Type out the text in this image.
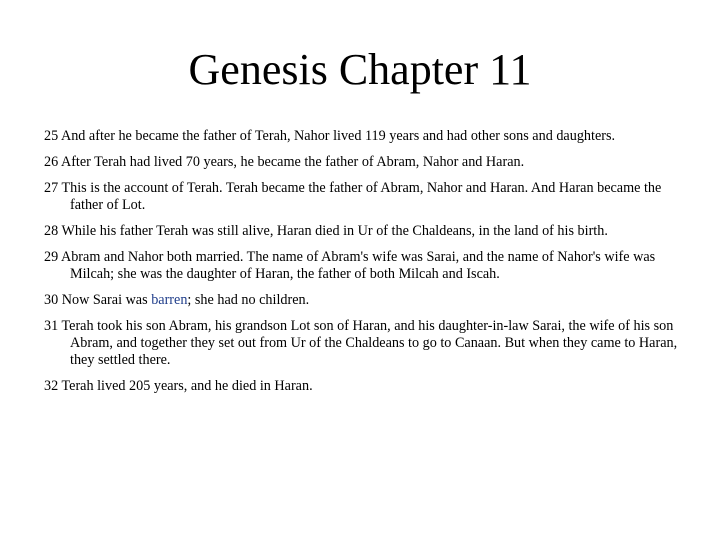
Genesis Chapter 11
25 And after he became the father of Terah, Nahor lived 119 years and had other sons and daughters.
26 After Terah had lived 70 years, he became the father of Abram, Nahor and Haran.
27 This is the account of Terah. Terah became the father of Abram, Nahor and Haran. And Haran became the father of Lot.
28 While his father Terah was still alive, Haran died in Ur of the Chaldeans, in the land of his birth.
29 Abram and Nahor both married. The name of Abram's wife was Sarai, and the name of Nahor's wife was Milcah; she was the daughter of Haran, the father of both Milcah and Iscah.
30 Now Sarai was barren; she had no children.
31 Terah took his son Abram, his grandson Lot son of Haran, and his daughter-in-law Sarai, the wife of his son Abram, and together they set out from Ur of the Chaldeans to go to Canaan. But when they came to Haran, they settled there.
32 Terah lived 205 years, and he died in Haran.
